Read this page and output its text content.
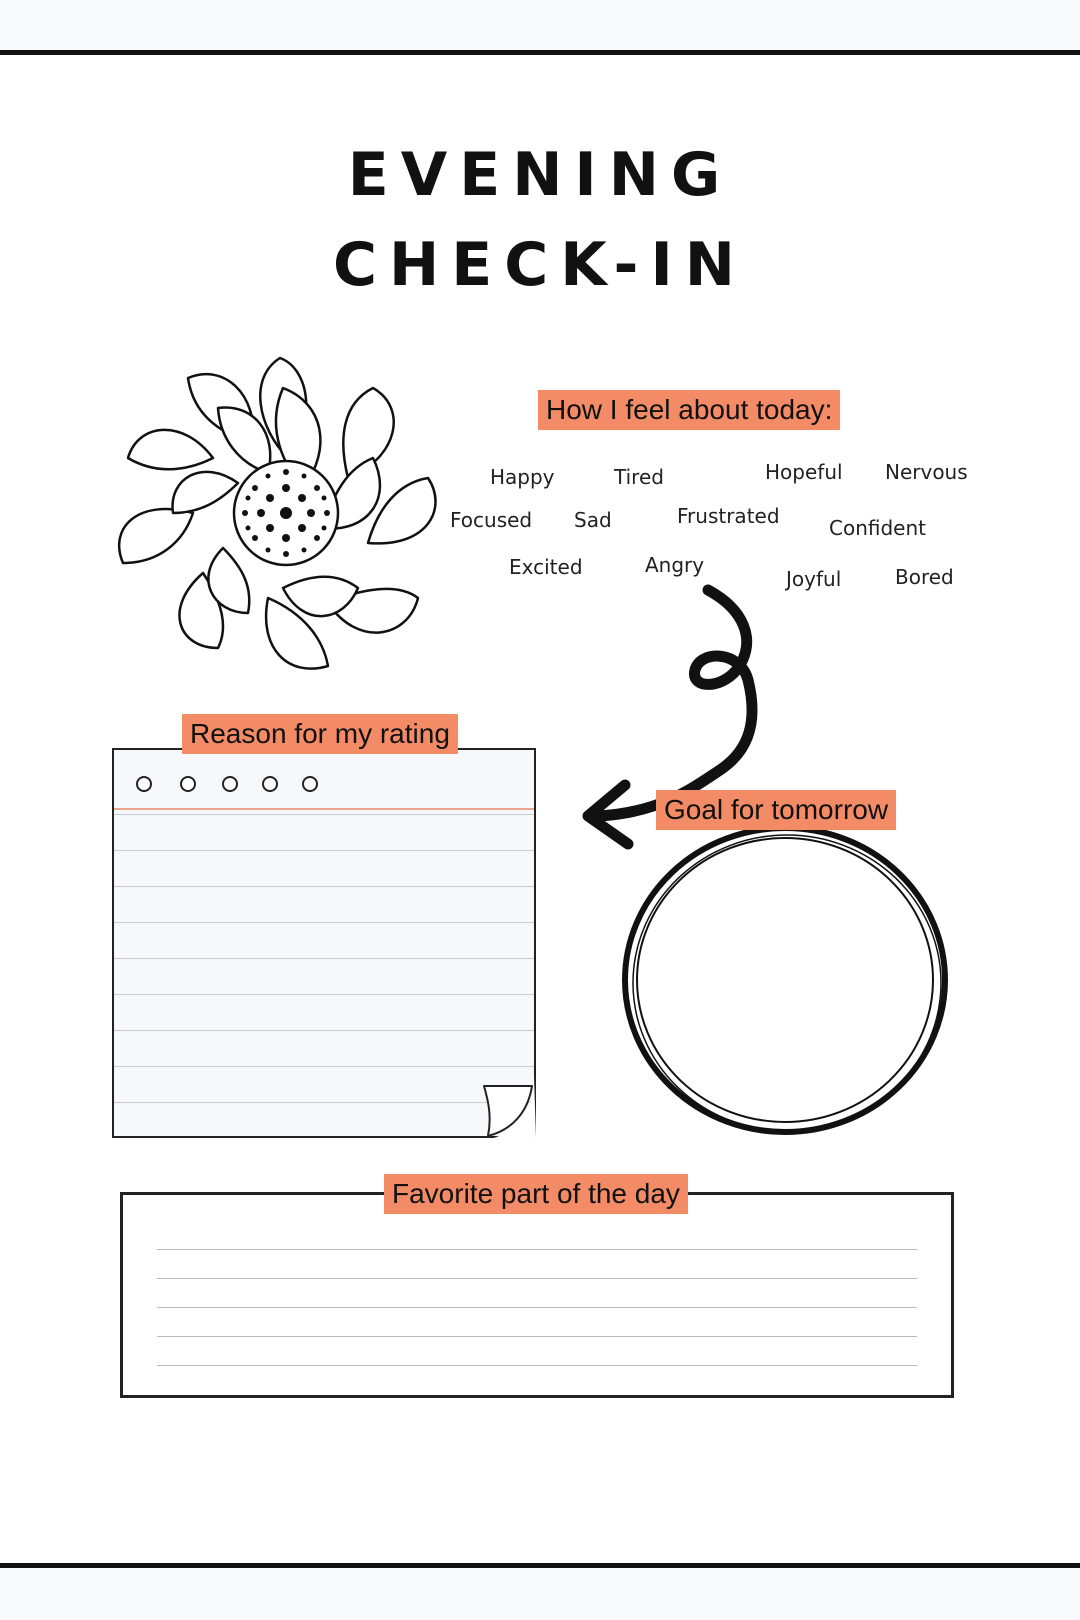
EVENING
CHECK-IN
How I feel about today:
Happy	Tired	Hopeful Nervous
Focused Sad	Frustrated Confident
Excited	Angry
Joyful	Bored
Reason for my rating
Goal for tomorrow
Favorite part of the day
